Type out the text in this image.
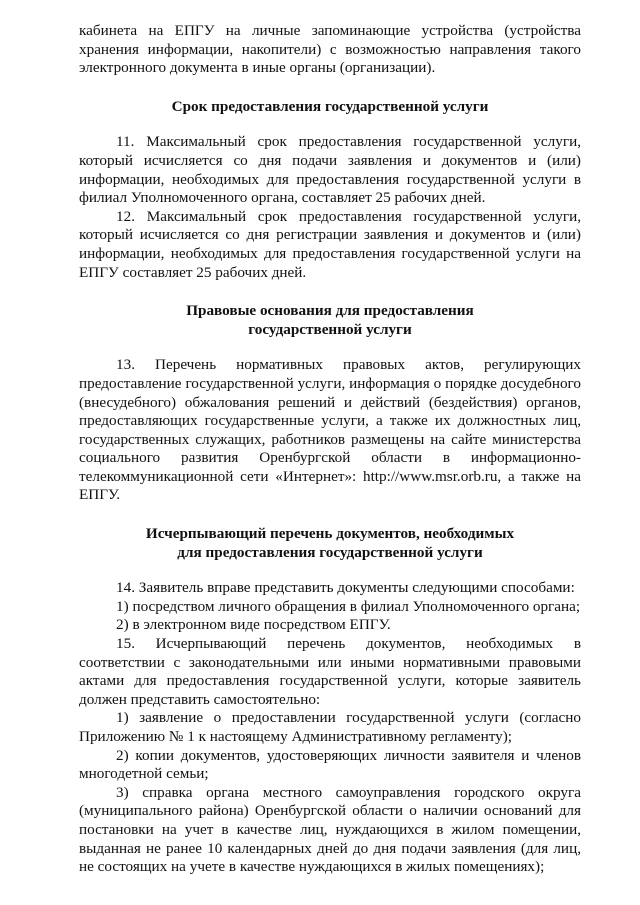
кабинета на ЕПГУ на личные запоминающие устройства (устройства хранения информации, накопители) с возможностью направления такого электронного документа в иные органы (организации).

Срок предоставления государственной услуги

11. Максимальный срок предоставления государственной услуги, который исчисляется со дня подачи заявления и документов и (или) информации, необходимых для предоставления государственной услуги в филиал Уполномоченного органа, составляет 25 рабочих дней.

12. Максимальный срок предоставления государственной услуги, который исчисляется со дня регистрации заявления и документов и (или) информации, необходимых для предоставления государственной услуги на ЕПГУ составляет 25 рабочих дней.

Правовые основания для предоставления
государственной услуги

13. Перечень нормативных правовых актов, регулирующих предоставление государственной услуги, информация о порядке досудебного (внесудебного) обжалования решений и действий (бездействия) органов, предоставляющих государственные услуги, а также их должностных лиц, государственных служащих, работников размещены на сайте министерства социального развития Оренбургской области в информационно-телекоммуникационной сети «Интернет»: http://www.msr.orb.ru, а также на ЕПГУ.

Исчерпывающий перечень документов, необходимых
для предоставления государственной услуги

14. Заявитель вправе представить документы следующими способами:

1) посредством личного обращения в филиал Уполномоченного органа;

2) в электронном виде посредством ЕПГУ.

15. Исчерпывающий перечень документов, необходимых в соответствии с законодательными или иными нормативными правовыми актами для предоставления государственной услуги, которые заявитель должен представить самостоятельно:

1) заявление о предоставлении государственной услуги (согласно Приложению № 1 к настоящему Административному регламенту);

2) копии документов, удостоверяющих личности заявителя и членов многодетной семьи;

3) справка органа местного самоуправления городского округа (муниципального района) Оренбургской области о наличии оснований для постановки на учет в качестве лиц, нуждающихся в жилом помещении, выданная не ранее 10 календарных дней до дня подачи заявления (для лиц, не состоящих на учете в качестве нуждающихся в жилых помещениях);
